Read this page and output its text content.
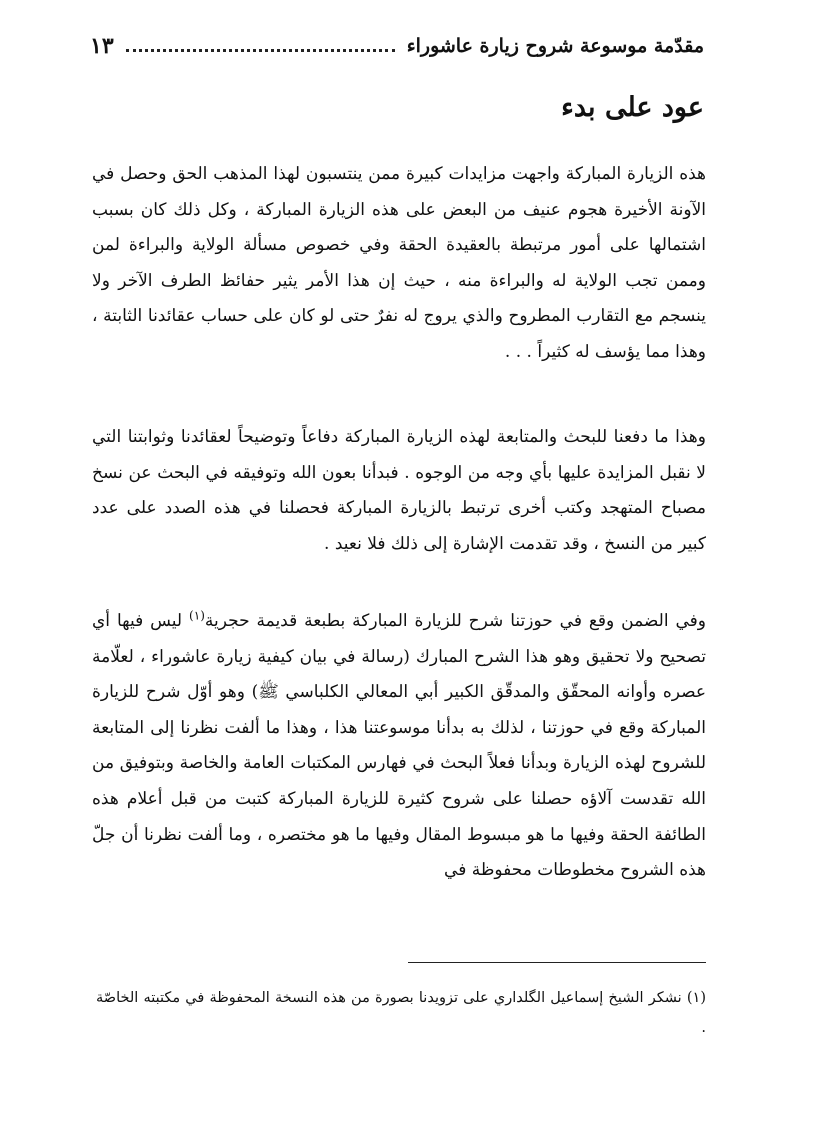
مقدّمة موسوعة شروح زيارة عاشوراء
١٣
عود على بدء

هذه الزيارة المباركة واجهت مزايدات كبيرة ممن ينتسبون لهذا المذهب الحق وحصل في الآونة الأخيرة هجوم عنيف من البعض على هذه الزيارة المباركة ، وكل ذلك كان بسبب اشتمالها على أمور مرتبطة بالعقيدة الحقة وفي خصوص مسألة الولاية والبراءة لمن وممن تجب الولاية له والبراءة منه ، حيث إن هذا الأمر يثير حفائظ الطرف الآخر ولا ينسجم مع التقارب المطروح والذي يروج له نفرٌ حتى لو كان على حساب عقائدنا الثابتة ، وهذا مما يؤسف له كثيراً . . .

وهذا ما دفعنا للبحث والمتابعة لهذه الزيارة المباركة دفاعاً وتوضيحاً لعقائدنا وثوابتنا التي لا نقبل المزايدة عليها بأي وجه من الوجوه . فبدأنا بعون الله وتوفيقه في البحث عن نسخ مصباح المتهجد وكتب أخرى ترتبط بالزيارة المباركة فحصلنا في هذه الصدد على عدد كبير من النسخ ، وقد تقدمت الإشارة إلى ذلك فلا نعيد .

وفي الضمن وقع في حوزتنا شرح للزيارة المباركة بطبعة قديمة حجرية$^{(١)}$ ليس فيها أي تصحيح ولا تحقيق وهو هذا الشرح المبارك (رسالة في بيان كيفية زيارة عاشوراء ، لعلّامة عصره وأوانه المحقّق والمدقّق الكبير أبي المعالي الكلباسي ﷺ) وهو أوّل شرح للزيارة المباركة وقع في حوزتنا ، لذلك به بدأنا موسوعتنا هذا ، وهذا ما ألفت نظرنا إلى المتابعة للشروح لهذه الزيارة وبدأنا فعلاً البحث في فهارس المكتبات العامة والخاصة وبتوفيق من الله تقدست آلاؤه حصلنا على شروح كثيرة للزيارة المباركة كتبت من قبل أعلام هذه الطائفة الحقة وفيها ما هو مبسوط المقال وفيها ما هو مختصره ، وما ألفت نظرنا أن جلّ هذه الشروح مخطوطات محفوظة في

(١) نشكر الشيخ إسماعيل الگلداري على تزويدنا بصورة من هذه النسخة المحفوظة في مكتبته الخاصّة .
